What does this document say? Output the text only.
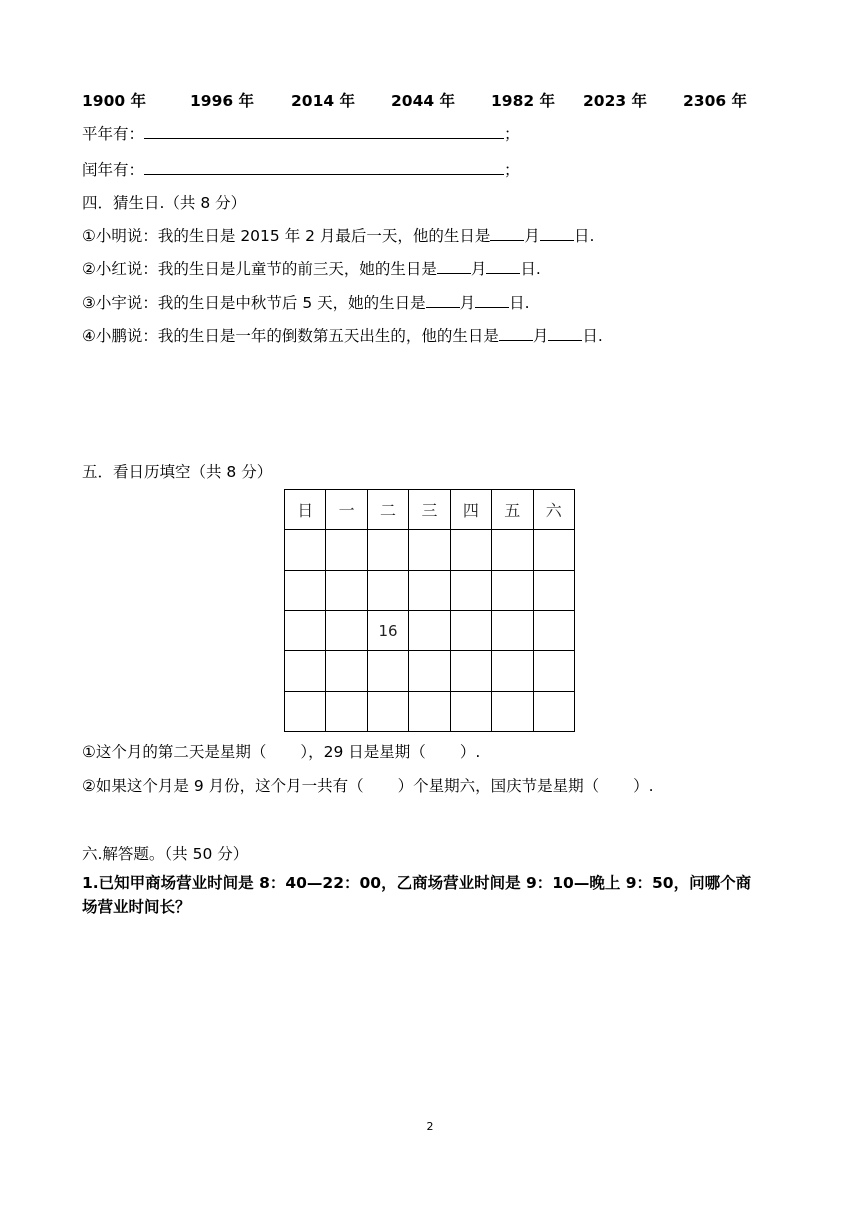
1900 年	1996 年 2014 年 2044 年 1982 年 2023 年 2306 年
平年有：	；
闰年有：	；
四．猜生日.（共 8 分）
①小明说：我的生日是 2015 年 2 月最后一天，他的生日是 月 日.
②小红说：我的生日是儿童节的前三天，她的生日是 月 日.
③小宇说：我的生日是中秋节后 5 天，她的生日是 月 日.
④小鹏说：我的生日是一年的倒数第五天出生的，他的生日是 月 日.
五．看日历填空（共 8 分）
日	一	二	三	四	五	六

		16				

①这个月的第二天是星期（ ），29 日是星期（ ）.
②如果这个月是 9 月份，这个月一共有（ ）个星期六，国庆节是星期（ ）.
六.解答题。（共 50 分）
1.已知甲商场营业时间是 8：40—22：00，乙商场营业时间是 9：10—晚上 9：50，问哪个商
场营业时间长？
2
